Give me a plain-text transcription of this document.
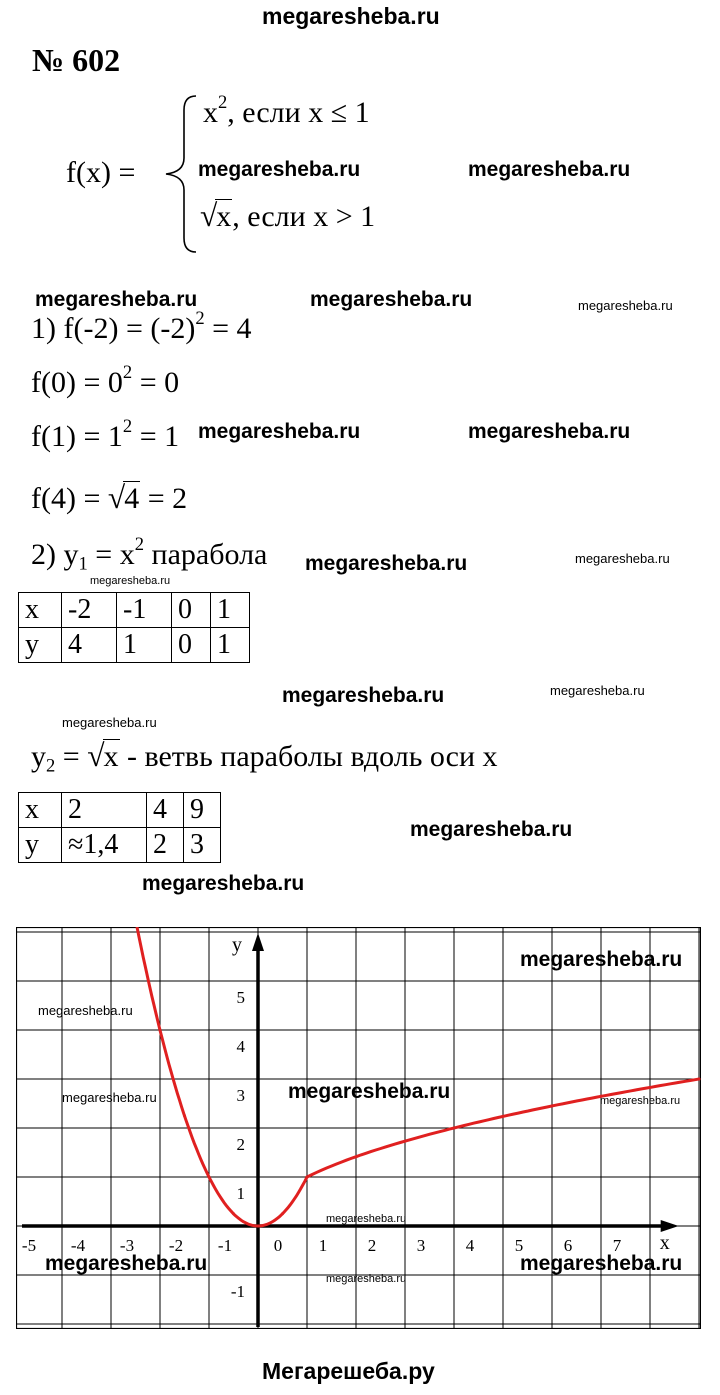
megaresheba.ru
№ 602
f(x) =
$x^2$, если x ≤ 1
√x, если x > 1
1) $f(-2) = (-2)^2 = 4$
$f(0) = 0^2 = 0$
$f(1) = 1^2 = 1$
f(4) = √4 = 2
2) $y_1 = x^2$ парабола
x	-2	-1	0	1
y	4	1	0	1
$y_2 = √x$ - ветвь параболы вдоль оси x
x	2	4	9
y	≈1,4	2	3
x
y
-5 -4 -3 -2 -1 0 1 2 3 4 5 6 7
5
4
3
2
1
-1
megaresheba.ru	megaresheba.ru
megaresheba.ru	megaresheba.ru	megaresheba.ru
megaresheba.ru	megaresheba.ru
megaresheba.ru	megaresheba.ru
megaresheba.ru
megaresheba.ru	megaresheba.ru
megaresheba.ru
megaresheba.ru
megaresheba.ru
megaresheba.ru
megaresheba.ru
megaresheba.ru
megaresheba.ru	megaresheba.ru
megaresheba.ru
megaresheba.ru	megaresheba.ru
megaresheba.ru
Мегарешеба.ру
